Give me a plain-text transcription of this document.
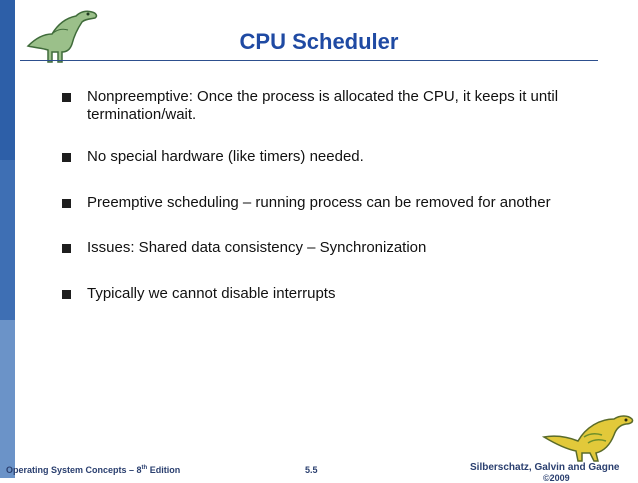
CPU Scheduler
Nonpreemptive: Once the process is allocated the CPU, it keeps it until termination/wait.
No special hardware (like timers) needed.
Preemptive scheduling – running process can be removed for another
Issues: Shared data consistency – Synchronization
Typically we cannot disable interrupts
Operating System Concepts – 8th Edition	5.5	Silberschatz, Galvin and Gagne
©2009
